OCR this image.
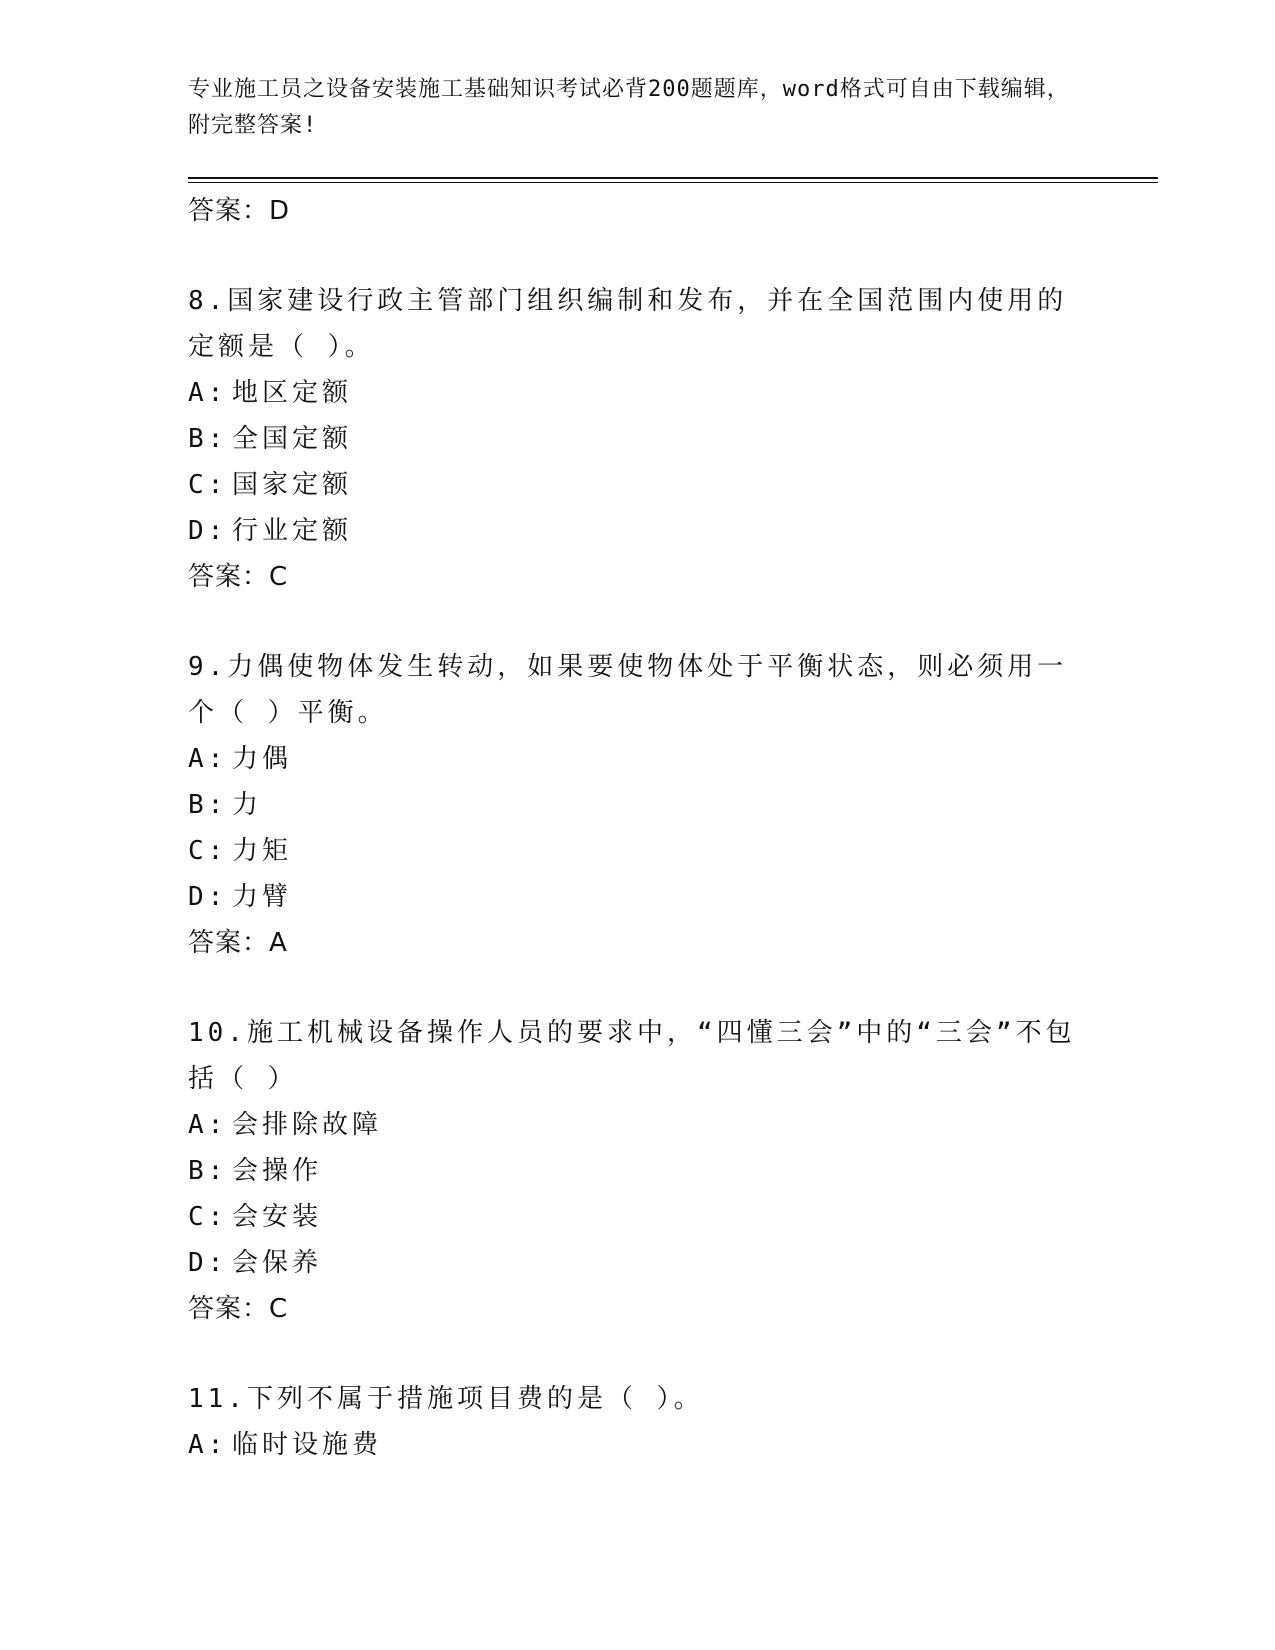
专业施工员之设备安装施工基础知识考试必背200题题库，word格式可自由下载编辑，附完整答案!
答案：D
8.国家建设行政主管部门组织编制和发布，并在全国范围内使用的定额是（ ）。
A: 地区定额
B: 全国定额
C: 国家定额
D: 行业定额
答案：C
9.力偶使物体发生转动，如果要使物体处于平衡状态，则必须用一个（ ）平衡。
A: 力偶
B: 力
C: 力矩
D: 力臂
答案：A
10.施工机械设备操作人员的要求中，“四懂三会”中的“三会”不包括（ ）
A: 会排除故障
B: 会操作
C: 会安装
D: 会保养
答案：C
11.下列不属于措施项目费的是（ ）。
A: 临时设施费
